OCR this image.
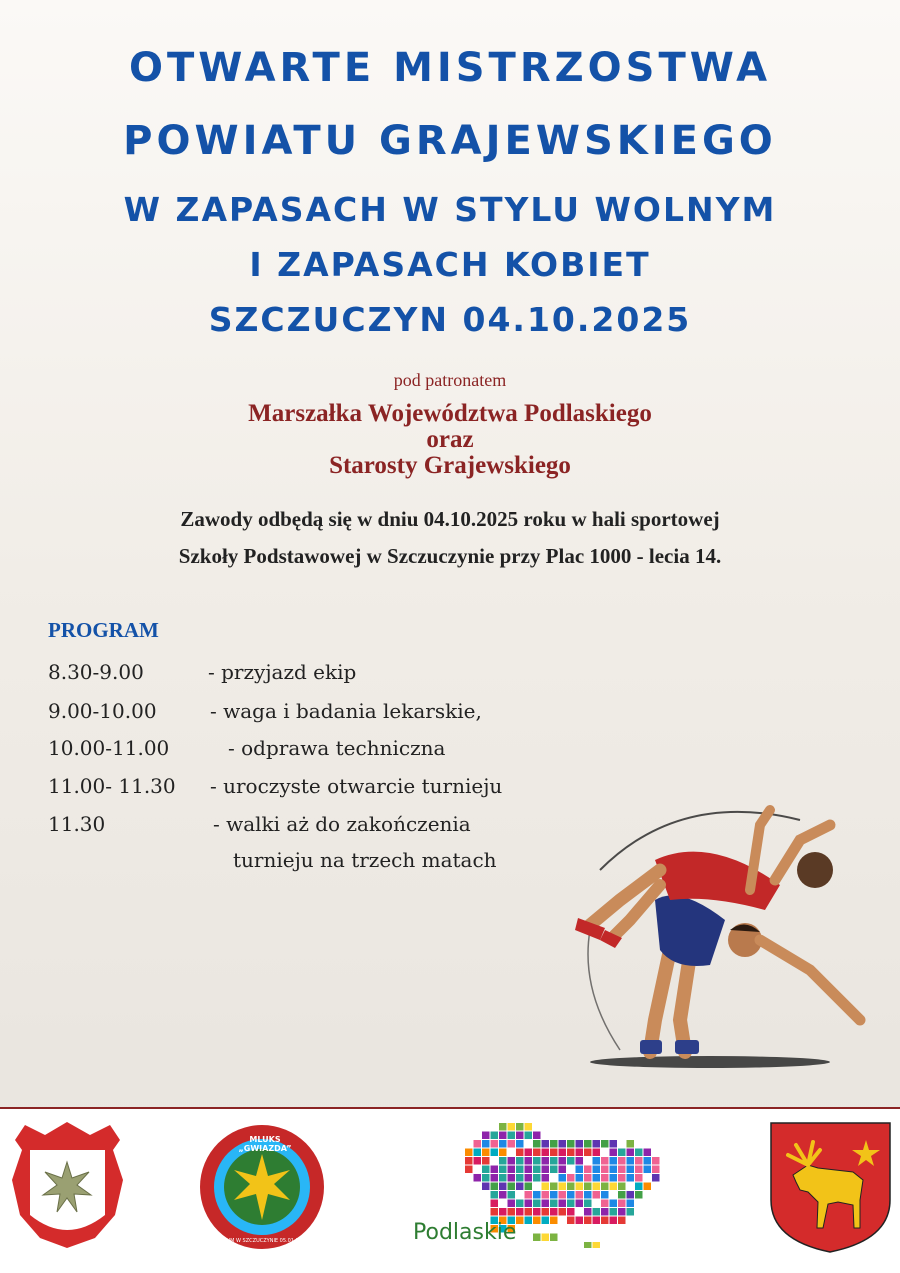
OTWARTE MISTRZOSTWA
POWIATU GRAJEWSKIEGO
W ZAPASACH W STYLU WOLNYM
I ZAPASACH KOBIET
SZCZUCZYN 04.10.2025
pod patronatem
Marszałka Województwa Podlaskiego
oraz
Starosty Grajewskiego
Zawody odbędą się w dniu 04.10.2025 roku w hali sportowej
Szkoły Podstawowej w Szczuczynie przy Plac 1000 - lecia 14.
PROGRAM
8.30-9.00	- przyjazd ekip
9.00-10.00	- waga i badania lekarskie,
10.00-11.00	- odprawa techniczna
11.00- 11.30 - uroczyste otwarcie turnieju
11.30	- walki aż do zakończenia
turnieju na trzech matach
MLUKS „GWIAZDA”
PRZY UM W SZCZUCZYNIE 05.01.2008 r.	Podlaskie
